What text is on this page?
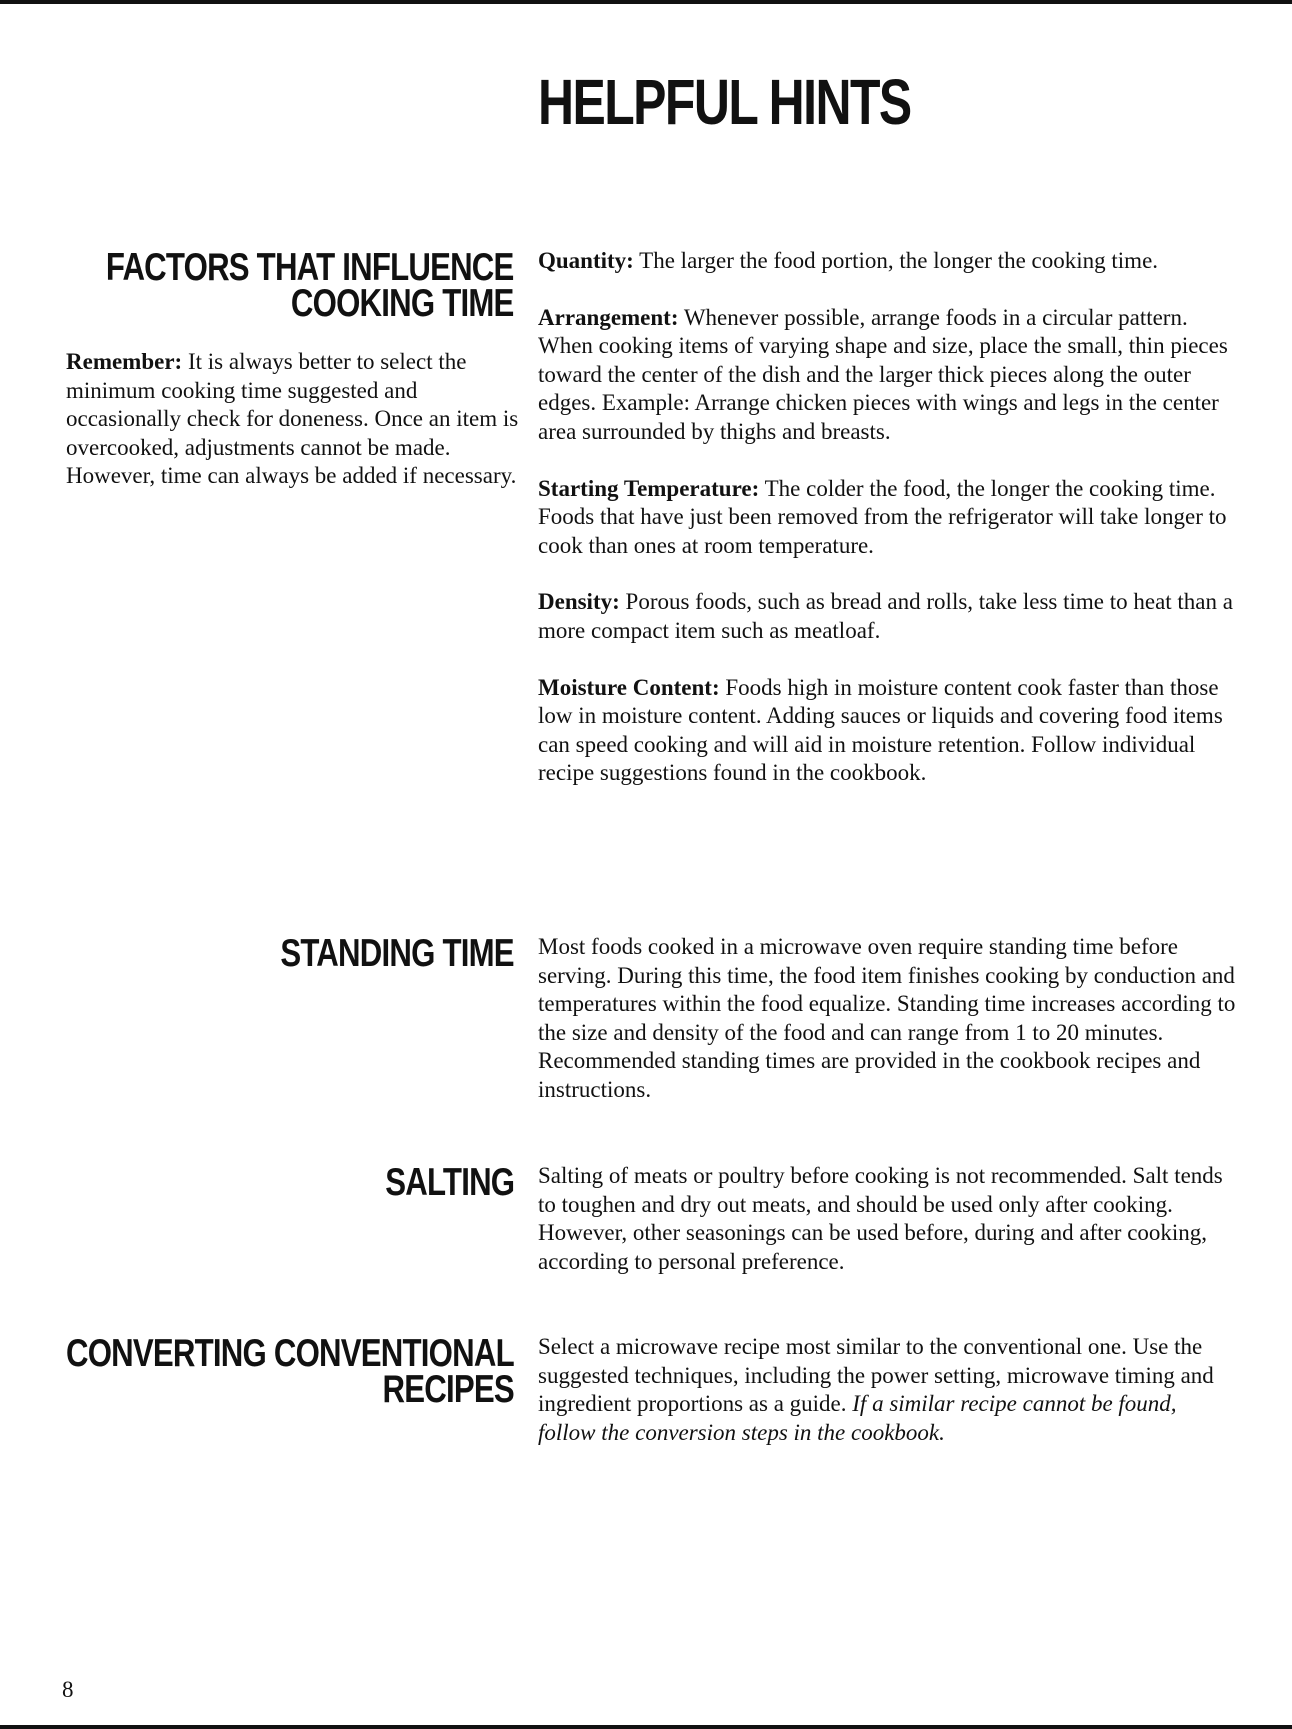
HELPFUL HINTS
FACTORS THAT INFLUENCE
COOKING TIME
Remember: It is always better to select the minimum cooking time suggested and occasionally check for doneness. Once an item is overcooked, adjustments cannot be made. However, time can always be added if necessary.

Quantity: The larger the food portion, the longer the cooking time.

Arrangement: Whenever possible, arrange foods in a circular pattern. When cooking items of varying shape and size, place the small, thin pieces toward the center of the dish and the larger thick pieces along the outer edges. Example: Arrange chicken pieces with wings and legs in the center area surrounded by thighs and breasts.

Starting Temperature: The colder the food, the longer the cooking time. Foods that have just been removed from the refrigerator will take longer to cook than ones at room temperature.

Density: Porous foods, such as bread and rolls, take less time to heat than a more compact item such as meatloaf.

Moisture Content: Foods high in moisture content cook faster than those low in moisture content. Adding sauces or liquids and covering food items can speed cooking and will aid in moisture retention. Follow individual recipe suggestions found in the cookbook.

STANDING TIME Most foods cooked in a microwave oven require standing time before serving. During this time, the food item finishes cooking by conduction and temperatures within the food equalize. Standing time increases according to the size and density of the food and can range from 1 to 20 minutes. Recommended standing times are provided in the cookbook recipes and instructions.
SALTING Salting of meats or poultry before cooking is not recommended. Salt tends to toughen and dry out meats, and should be used only after cooking. However, other seasonings can be used before, during and after cooking, according to personal preference.
CONVERTING CONVENTIONAL
RECIPES
Select a microwave recipe most similar to the conventional one. Use the suggested techniques, including the power setting, microwave timing and ingredient proportions as a guide. If a similar recipe cannot be found, follow the conversion steps in the cookbook.
8
